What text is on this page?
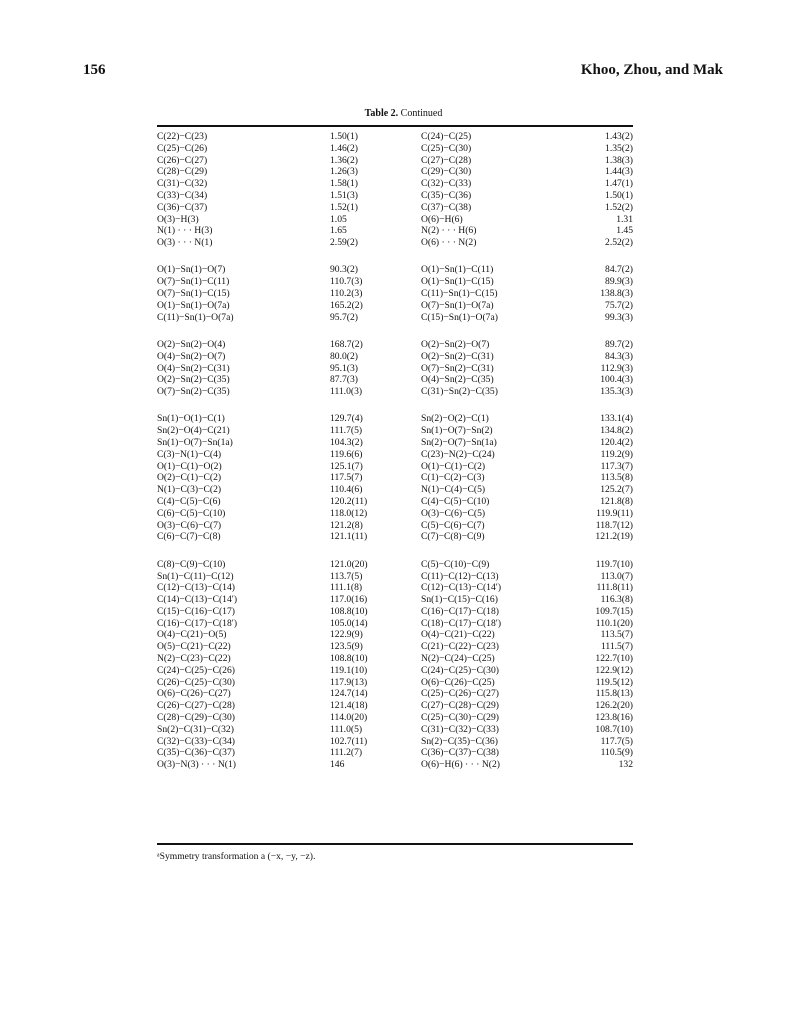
156	Khoo, Zhou, and Mak
Table 2. Continued
C(22)−C(23)	1.50(1)	C(24)−C(25)	1.43(2)
C(25)−C(26)	1.46(2)	C(25)−C(30)	1.35(2)
C(26)−C(27)	1.36(2)	C(27)−C(28)	1.38(3)
C(28)−C(29)	1.26(3)	C(29)−C(30)	1.44(3)
C(31)−C(32)	1.58(1)	C(32)−C(33)	1.47(1)
C(33)−C(34)	1.51(3)	C(35)−C(36)	1.50(1)
C(36)−C(37)	1.52(1)	C(37)−C(38)	1.52(2)
O(3)−H(3)	1.05	O(6)−H(6)	1.31
N(1) · · · H(3)	1.65	N(2) · · · H(6)	1.45
O(3) · · · N(1)	2.59(2)	O(6) · · · N(2)	2.52(2)
O(1)−Sn(1)−O(7)	90.3(2)	O(1)−Sn(1)−C(11)	84.7(2)
O(7)−Sn(1)−C(11)	110.7(3)	O(1)−Sn(1)−C(15)	89.9(3)
O(7)−Sn(1)−C(15)	110.2(3)	C(11)−Sn(1)−C(15)	138.8(3)
O(1)−Sn(1)−O(7a)	165.2(2)	O(7)−Sn(1)−O(7a)	75.7(2)
C(11)−Sn(1)−O(7a)	95.7(2)	C(15)−Sn(1)−O(7a)	99.3(3)
O(2)−Sn(2)−O(4)	168.7(2)	O(2)−Sn(2)−O(7)	89.7(2)
O(4)−Sn(2)−O(7)	80.0(2)	O(2)−Sn(2)−C(31)	84.3(3)
O(4)−Sn(2)−C(31)	95.1(3)	O(7)−Sn(2)−C(31)	112.9(3)
O(2)−Sn(2)−C(35)	87.7(3)	O(4)−Sn(2)−C(35)	100.4(3)
O(7)−Sn(2)−C(35)	111.0(3)	C(31)−Sn(2)−C(35)	135.3(3)
Sn(1)−O(1)−C(1)	129.7(4)	Sn(2)−O(2)−C(1)	133.1(4)
Sn(2)−O(4)−C(21)	111.7(5)	Sn(1)−O(7)−Sn(2)	134.8(2)
Sn(1)−O(7)−Sn(1a)	104.3(2)	Sn(2)−O(7)−Sn(1a)	120.4(2)
C(3)−N(1)−C(4)	119.6(6)	C(23)−N(2)−C(24)	119.2(9)
O(1)−C(1)−O(2)	125.1(7)	O(1)−C(1)−C(2)	117.3(7)
O(2)−C(1)−C(2)	117.5(7)	C(1)−C(2)−C(3)	113.5(8)
N(1)−C(3)−C(2)	110.4(6)	N(1)−C(4)−C(5)	125.2(7)
C(4)−C(5)−C(6)	120.2(11)	C(4)−C(5)−C(10)	121.8(8)
C(6)−C(5)−C(10)	118.0(12)	O(3)−C(6)−C(5)	119.9(11)
O(3)−C(6)−C(7)	121.2(8)	C(5)−C(6)−C(7)	118.7(12)
C(6)−C(7)−C(8)	121.1(11)	C(7)−C(8)−C(9)	121.2(19)
C(8)−C(9)−C(10)	121.0(20)	C(5)−C(10)−C(9)	119.7(10)
Sn(1)−C(11)−C(12)	113.7(5)	C(11)−C(12)−C(13)	113.0(7)
C(12)−C(13)−C(14)	111.1(8)	C(12)−C(13)−C(14′)	111.8(11)
C(14)−C(13)−C(14′)	117.0(16)	Sn(1)−C(15)−C(16)	116.3(8)
C(15)−C(16)−C(17)	108.8(10)	C(16)−C(17)−C(18)	109.7(15)
C(16)−C(17)−C(18′)	105.0(14)	C(18)−C(17)−C(18′)	110.1(20)
O(4)−C(21)−O(5)	122.9(9)	O(4)−C(21)−C(22)	113.5(7)
O(5)−C(21)−C(22)	123.5(9)	C(21)−C(22)−C(23)	111.5(7)
N(2)−C(23)−C(22)	108.8(10)	N(2)−C(24)−C(25)	122.7(10)
C(24)−C(25)−C(26)	119.1(10)	C(24)−C(25)−C(30)	122.9(12)
C(26)−C(25)−C(30)	117.9(13)	O(6)−C(26)−C(25)	119.5(12)
O(6)−C(26)−C(27)	124.7(14)	C(25)−C(26)−C(27)	115.8(13)
C(26)−C(27)−C(28)	121.4(18)	C(27)−C(28)−C(29)	126.2(20)
C(28)−C(29)−C(30)	114.0(20)	C(25)−C(30)−C(29)	123.8(16)
Sn(2)−C(31)−C(32)	111.0(5)	C(31)−C(32)−C(33)	108.7(10)
C(32)−C(33)−C(34)	102.7(11)	Sn(2)−C(35)−C(36)	117.7(5)
C(35)−C(36)−C(37)	111.2(7)	C(36)−C(37)−C(38)	110.5(9)
O(3)−N(3) · · · N(1)	146	O(6)−H(6) · · · N(2)	132
ᵃSymmetry transformation a (−x, −y, −z).
